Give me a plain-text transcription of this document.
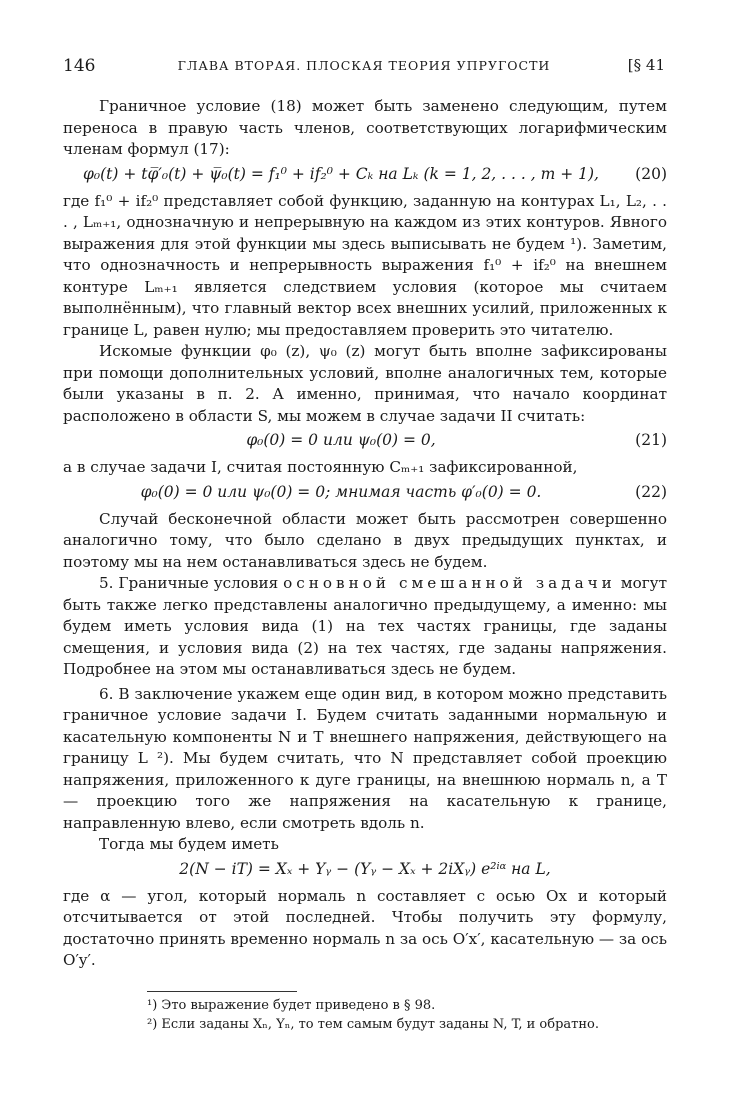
146	ГЛАВА ВТОРАЯ. ПЛОСКАЯ ТЕОРИЯ УПРУГОСТИ	[§ 41

Граничное условие (18) может быть заменено следующим, путем переноса в правую часть членов, соответствующих логарифмическим членам формул (17):

φ₀(t) + tφ̅′₀(t) + ψ̅₀(t) = f₁⁰ + if₂⁰ + Cₖ на Lₖ (k = 1, 2, . . . , m + 1),	(20)

где f₁⁰ + if₂⁰ представляет собой функцию, заданную на контурах L₁, L₂, . . . , Lₘ₊₁, однозначную и непрерывную на каждом из этих контуров. Явного выражения для этой функции мы здесь выписывать не будем ¹). Заметим, что однозначность и непрерывность выражения f₁⁰ + if₂⁰ на внешнем контуре Lₘ₊₁ является следствием условия (которое мы считаем выполнённым), что главный вектор всех внешних усилий, приложенных к границе L, равен нулю; мы предоставляем проверить это читателю.

Искомые функции φ₀ (z), ψ₀ (z) могут быть вполне зафиксированы при помощи дополнительных условий, вполне аналогичных тем, которые были указаны в п. 2. А именно, принимая, что начало координат расположено в области S, мы можем в случае задачи II считать:

φ₀(0) = 0 или ψ₀(0) = 0,	(21)

а в случае задачи I, считая постоянную Cₘ₊₁ зафиксированной,

φ₀(0) = 0 или ψ₀(0) = 0; мнимая часть φ′₀(0) = 0.	(22)

Случай бесконечной области может быть рассмотрен совершенно аналогично тому, что было сделано в двух предыдущих пунктах, и поэтому мы на нем останавливаться здесь не будем.

5. Граничные условия основной смешанной задачи могут быть также легко представлены аналогично предыдущему, а именно: мы будем иметь условия вида (1) на тех частях границы, где заданы смещения, и условия вида (2) на тех частях, где заданы напряжения. Подробнее на этом мы останавливаться здесь не будем.

6. В заключение укажем еще один вид, в котором можно представить граничное условие задачи I. Будем считать заданными нормальную и касательную компоненты N и T внешнего напряжения, действующего на границу L ²). Мы будем считать, что N представляет собой проекцию напряжения, приложенного к дуге границы, на внешнюю нормаль n, а T — проекцию того же напряжения на касательную к границе, направленную влево, если смотреть вдоль n.

Тогда мы будем иметь

2(N − iT) = Xₓ + Yᵧ − (Yᵧ − Xₓ + 2iXᵧ) e²ⁱᵅ на L,

где α — угол, который нормаль n составляет с осью Ox и который отсчитывается от этой последней. Чтобы получить эту формулу, достаточно принять временно нормаль n за ось O′x′, касательную — за ось O′y′.

¹) Это выражение будет приведено в § 98.
²) Если заданы Xₙ, Yₙ, то тем самым будут заданы N, T, и обратно.
